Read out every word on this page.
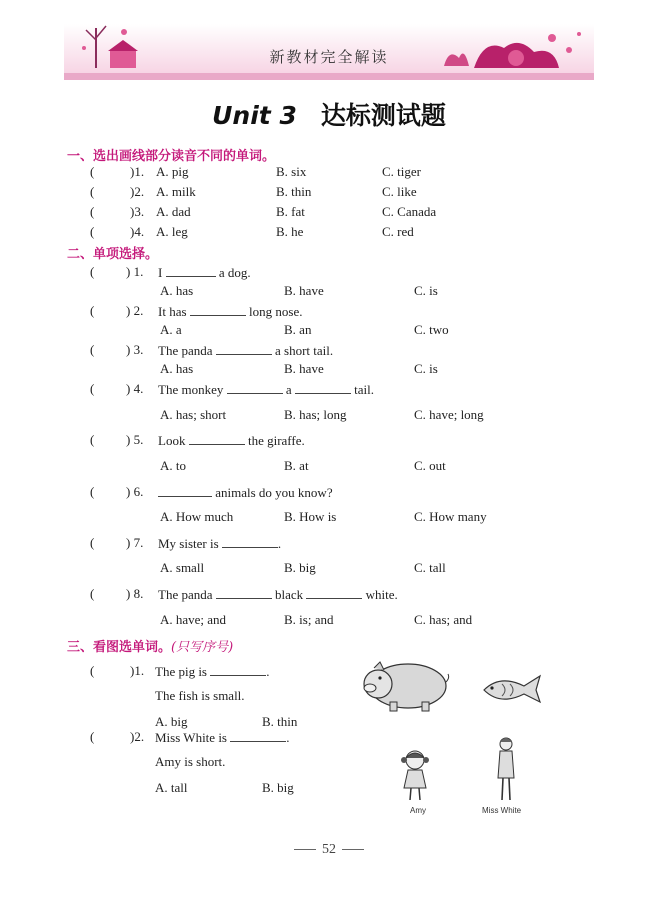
新教材完全解读
Unit 3 达标测试题
一、选出画线部分读音不同的单词。
(	)1. A. pig	B. six	C. tiger
(	)2. A. milk	B. thin	C. like
(	)3. A. dad	B. fat	C. Canada
(	)4. A. leg	B. he	C. red
二、单项选择。
( ) 1. I	a dog.
A. has	B. have	C. is
( ) 2. It has	long nose.
A. a	B. an	C. two
( ) 3. The panda	a short tail.
A. has	B. have	C. is
( ) 4. The monkey	a	tail.
A. has; short	B. has; long	C. have; long
( ) 5. Look	the giraffe.
A. to	B. at	C. out
( ) 6.	animals do you know?
A. How much	B. How is	C. How many
( ) 7. My sister is	.
A. small	B. big	C. tall
( ) 8. The panda	black	white.
A. have; and	B. is; and	C. has; and
三、看图选单词。(只写序号)
(	)1. The pig is	.
The fish is small.
A. big	B. thin
(	)2. Miss White is	.
Amy is short.
A. tall	B. big
Amy	Miss White
52
